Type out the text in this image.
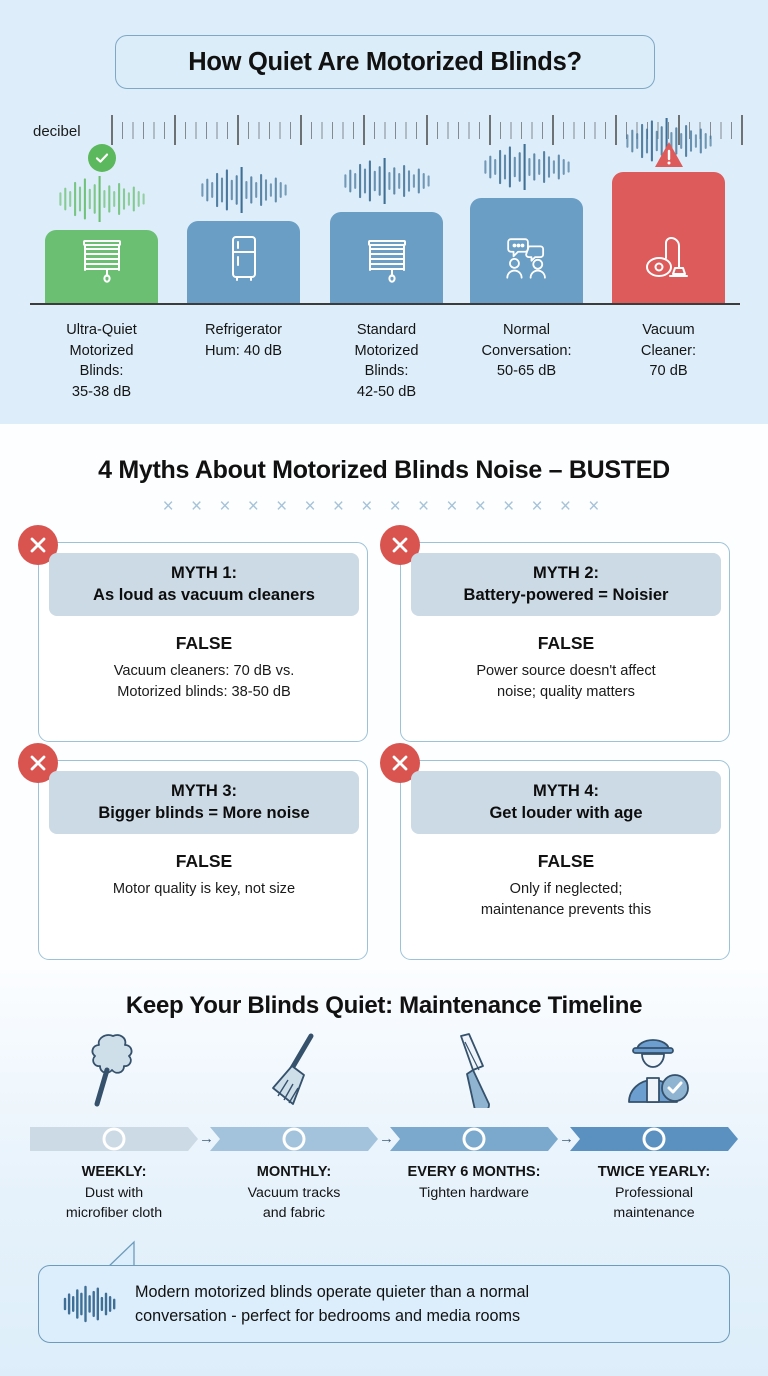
How Quiet Are Motorized Blinds?
decibel
Ultra-Quiet
Motorized
Blinds:
35-38 dB
Refrigerator
Hum: 40 dB
Standard
Motorized
Blinds:
42-50 dB
Normal
Conversation:
50-65 dB
Vacuum
Cleaner:
70 dB
4 Myths About Motorized Blinds Noise – BUSTED
× × × × × × × × × × × × × × × ×
MYTH 1:
As loud as vacuum cleaners
FALSE
Vacuum cleaners: 70 dB vs.
Motorized blinds: 38-50 dB
MYTH 2:
Battery-powered = Noisier
FALSE
Power source doesn't affect
noise; quality matters
MYTH 3:
Bigger blinds = More noise
FALSE
Motor quality is key, not size
MYTH 4:
Get louder with age
FALSE
Only if neglected;
maintenance prevents this
Keep Your Blinds Quiet: Maintenance Timeline
→	→	→
WEEKLY:
Dust with
microfiber cloth
MONTHLY:
Vacuum tracks
and fabric
EVERY 6 MONTHS:
Tighten hardware

TWICE YEARLY:
Professional
maintenance
Modern motorized blinds operate quieter than a normal
conversation - perfect for bedrooms and media rooms
